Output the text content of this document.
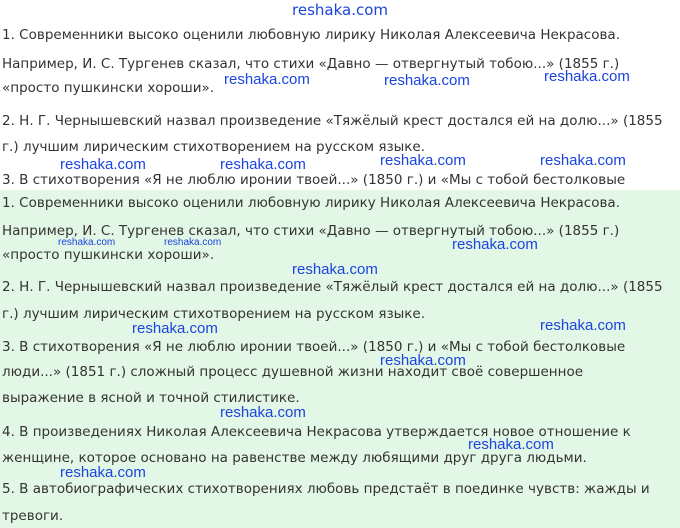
reshaka.com

1. Современники высоко оценили любовную лирику Николая Алексеевича Некрасова.

Например, И. С. Тургенев сказал, что стихи «Давно — отвергнутый тобою...» (1855 г.)

«просто пушкински хороши».

2. Н. Г. Чернышевский назвал произведение «Тяжёлый крест достался ей на долю...» (1855

г.) лучшим лирическим стихотворением на русском языке.

3. В стихотворения «Я не люблю иронии твоей...» (1850 г.) и «Мы с тобой бестолковые

1. Современники высоко оценили любовную лирику Николая Алексеевича Некрасова.

Например, И. С. Тургенев сказал, что стихи «Давно — отвергнутый тобою...» (1855 г.)

«просто пушкински хороши».

2. Н. Г. Чернышевский назвал произведение «Тяжёлый крест достался ей на долю...» (1855

г.) лучшим лирическим стихотворением на русском языке.

3. В стихотворения «Я не люблю иронии твоей...» (1850 г.) и «Мы с тобой бестолковые

люди...» (1851 г.) сложный процесс душевной жизни находит своё совершенное

выражение в ясной и точной стилистике.

4. В произведениях Николая Алексеевича Некрасова утверждается новое отношение к

женщине, которое основано на равенстве между любящими друг друга людьми.

5. В автобиографических стихотворениях любовь предстаёт в поединке чувств: жажды и

тревоги.

reshaka.com	reshaka.com	reshaka.com
reshaka.com	reshaka.com	reshaka.com	reshaka.com
reshaka.com	reshaka.com	reshaka.com
reshaka.com
reshaka.com
reshaka.com
reshaka.com
reshaka.com
reshaka.com
reshaka.com
